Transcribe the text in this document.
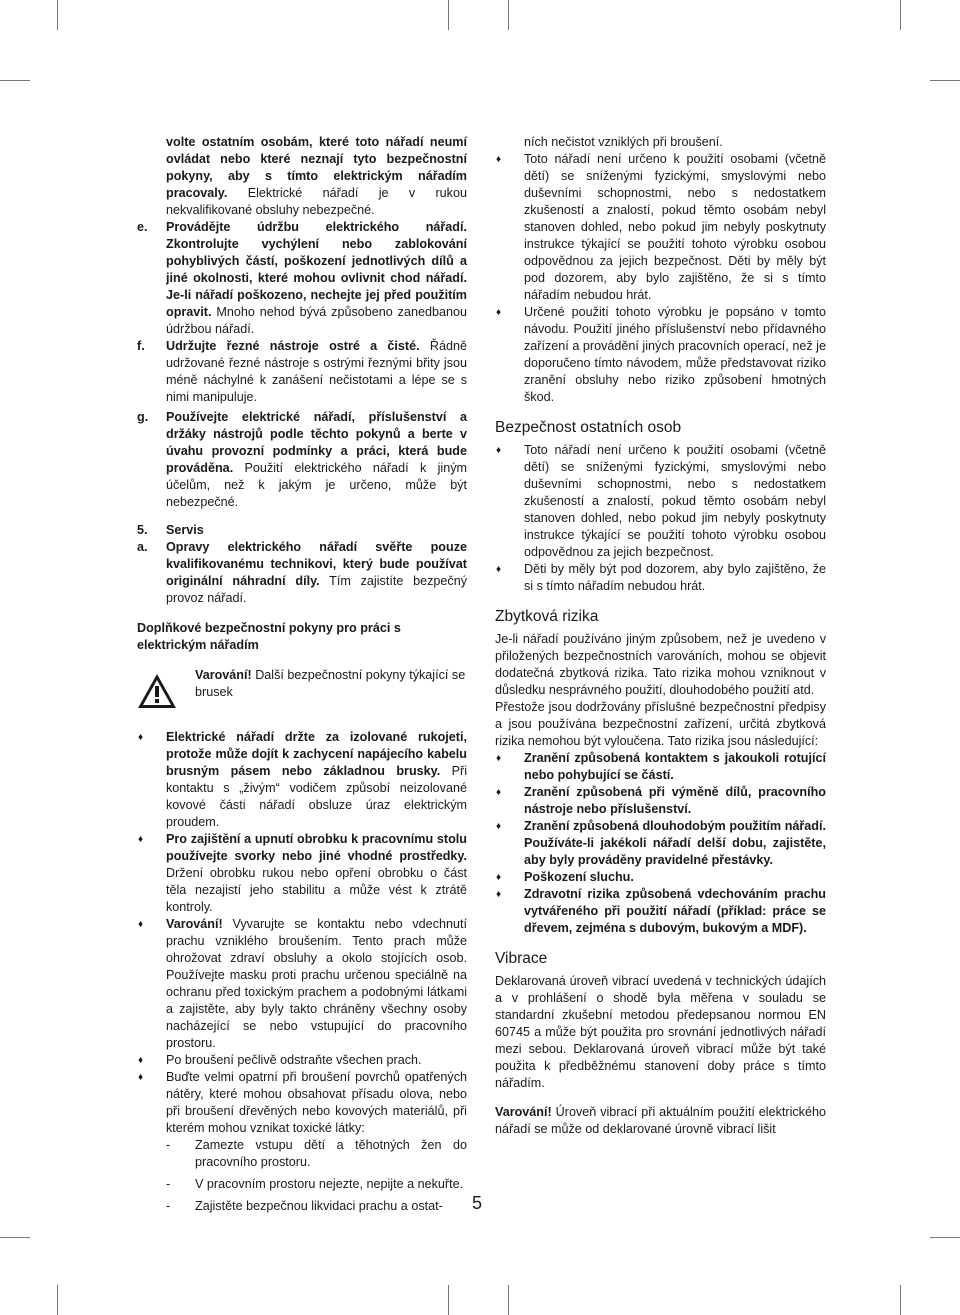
volte ostatním osobám, které toto nářadí neumí ovládat nebo které neznají tyto bezpečnostní pokyny, aby s tímto elektrickým nářadím pracovaly. Elektrické nářadí je v rukou nekvalifikované obsluhy nebezpečné.

e. Provádějte údržbu elektrického nářadí. Zkontrolujte vychýlení nebo zablokování pohyblivých částí, poškození jednotlivých dílů a jiné okolnosti, které mohou ovlivnit chod nářadí. Je-li nářadí poškozeno, nechejte jej před použitím opravit. Mnoho nehod bývá způsobeno zanedbanou údržbou nářadí.

f. Udržujte řezné nástroje ostré a čisté. Řádně udržované řezné nástroje s ostrými řeznými břity jsou méně náchylné k zanášení nečistotami a lépe se s nimi manipuluje.

g. Používejte elektrické nářadí, příslušenství a držáky nástrojů podle těchto pokynů a berte v úvahu provozní podmínky a práci, která bude prováděna. Použití elektrického nářadí k jiným účelům, než k jakým je určeno, může být nebezpečné.

5. Servis

a. Opravy elektrického nářadí svěřte pouze kvalifikovanému technikovi, který bude používat originální náhradní díly. Tím zajistíte bezpečný provoz nářadí.

Doplňkové bezpečnostní pokyny pro práci s elektrickým nářadím

Varování! Další bezpečnostní pokyny týkající se brusek

♦ Elektrické nářadí držte za izolované rukojeti, protože může dojít k zachycení napájecího kabelu brusným pásem nebo základnou brusky. Při kontaktu s „živým“ vodičem způsobí neizolované kovové části nářadí obsluze úraz elektrickým proudem.

♦ Pro zajištění a upnutí obrobku k pracovnímu stolu používejte svorky nebo jiné vhodné prostředky. Držení obrobku rukou nebo opření obrobku o část těla nezajistí jeho stabilitu a může vést k ztrátě kontroly.

♦ Varování! Vyvarujte se kontaktu nebo vdechnutí prachu vzniklého broušením. Tento prach může ohrožovat zdraví obsluhy a okolo stojících osob. Používejte masku proti prachu určenou speciálně na ochranu před toxickým prachem a podobnými látkami a zajistěte, aby byly takto chráněny všechny osoby nacházející se nebo vstupující do pracovního prostoru.

♦ Po broušení pečlivě odstraňte všechen prach.

♦ Buďte velmi opatrní při broušení povrchů opatřených nátěry, které mohou obsahovat přísadu olova, nebo při broušení dřevěných nebo kovových materiálů, při kterém mohou vznikat toxické látky:

- Zamezte vstupu dětí a těhotných žen do pracovního prostoru.

- V pracovním prostoru nejezte, nepijte a nekuřte.

- Zajistěte bezpečnou likvidaci prachu a ostat-

ních nečistot vzniklých při broušení.

♦ Toto nářadí není určeno k použití osobami (včetně dětí) se sníženými fyzickými, smyslovými nebo duševními schopnostmi, nebo s nedostatkem zkušeností a znalostí, pokud těmto osobám nebyl stanoven dohled, nebo pokud jim nebyly poskytnuty instrukce týkající se použití tohoto výrobku osobou odpovědnou za jejich bezpečnost. Děti by měly být pod dozorem, aby bylo zajištěno, že si s tímto nářadím nebudou hrát.

♦ Určené použití tohoto výrobku je popsáno v tomto návodu. Použití jiného příslušenství nebo přídavného zařízení a provádění jiných pracovních operací, než je doporučeno tímto návodem, může představovat riziko zranění obsluhy nebo riziko způsobení hmotných škod.

Bezpečnost ostatních osob

♦ Toto nářadí není určeno k použití osobami (včetně dětí) se sníženými fyzickými, smyslovými nebo duševními schopnostmi, nebo s nedostatkem zkušeností a znalostí, pokud těmto osobám nebyl stanoven dohled, nebo pokud jim nebyly poskytnuty instrukce týkající se použití tohoto výrobku osobou odpovědnou za jejich bezpečnost.

♦ Děti by měly být pod dozorem, aby bylo zajištěno, že si s tímto nářadím nebudou hrát.

Zbytková rizika

Je-li nářadí používáno jiným způsobem, než je uvedeno v přiložených bezpečnostních varováních, mohou se objevit dodatečná zbytková rizika. Tato rizika mohou vzniknout v důsledku nesprávného použití, dlouhodobého použití atd.

Přestože jsou dodržovány příslušné bezpečnostní předpisy a jsou používána bezpečnostní zařízení, určitá zbytková rizika nemohou být vyloučena. Tato rizika jsou následující:

♦ Zranění způsobená kontaktem s jakoukoli rotující nebo pohybující se částí.

♦ Zranění způsobená při výměně dílů, pracovního nástroje nebo příslušenství.

♦ Zranění způsobená dlouhodobým použitím nářadí. Používáte-li jakékoli nářadí delší dobu, zajistěte, aby byly prováděny pravidelné přestávky.

♦ Poškození sluchu.

♦ Zdravotní rizika způsobená vdechováním prachu vytvářeného při použití nářadí (příklad: práce se dřevem, zejména s dubovým, bukovým a MDF).

Vibrace

Deklarovaná úroveň vibrací uvedená v technických údajích a v prohlášení o shodě byla měřena v souladu se standardní zkušební metodou předepsanou normou EN 60745 a může být použita pro srovnání jednotlivých nářadí mezi sebou. Deklarovaná úroveň vibrací může být také použita k předběžnému stanovení doby práce s tímto nářadím.

Varování! Úroveň vibrací při aktuálním použití elektrického nářadí se může od deklarované úrovně vibrací lišit

5
